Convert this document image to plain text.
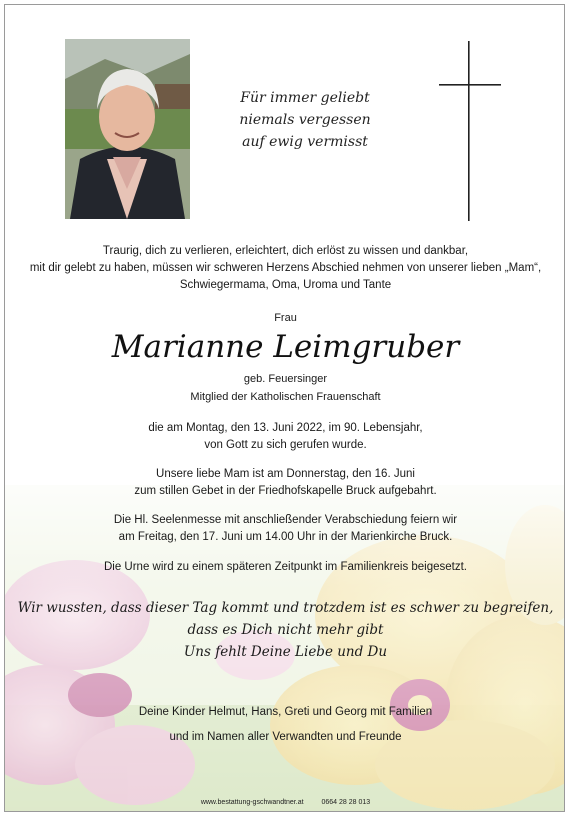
Für immer geliebt
niemals vergessen
auf ewig vermisst
Traurig, dich zu verlieren, erleichtert, dich erlöst zu wissen und dankbar,
mit dir gelebt zu haben, müssen wir schweren Herzens Abschied nehmen von unserer lieben „Mam“,
Schwiegermama, Oma, Uroma und Tante
Frau
Marianne Leimgruber
geb. Feuersinger
Mitglied der Katholischen Frauenschaft
die am Montag, den 13. Juni 2022, im 90. Lebensjahr,
von Gott zu sich gerufen wurde.
Unsere liebe Mam ist am Donnerstag, den 16. Juni
zum stillen Gebet in der Friedhofskapelle Bruck aufgebahrt.
Die Hl. Seelenmesse mit anschließender Verabschiedung feiern wir
am Freitag, den 17. Juni um 14.00 Uhr in der Marienkirche Bruck.
Die Urne wird zu einem späteren Zeitpunkt im Familienkreis beigesetzt.
Wir wussten, dass dieser Tag kommt und trotzdem ist es schwer zu begreifen,
dass es Dich nicht mehr gibt
Uns fehlt Deine Liebe und Du
Deine Kinder Helmut, Hans, Greti und Georg mit Familien
und im Namen aller Verwandten und Freunde
www.bestattung-gschwandtner.at	0664 28 28 013
